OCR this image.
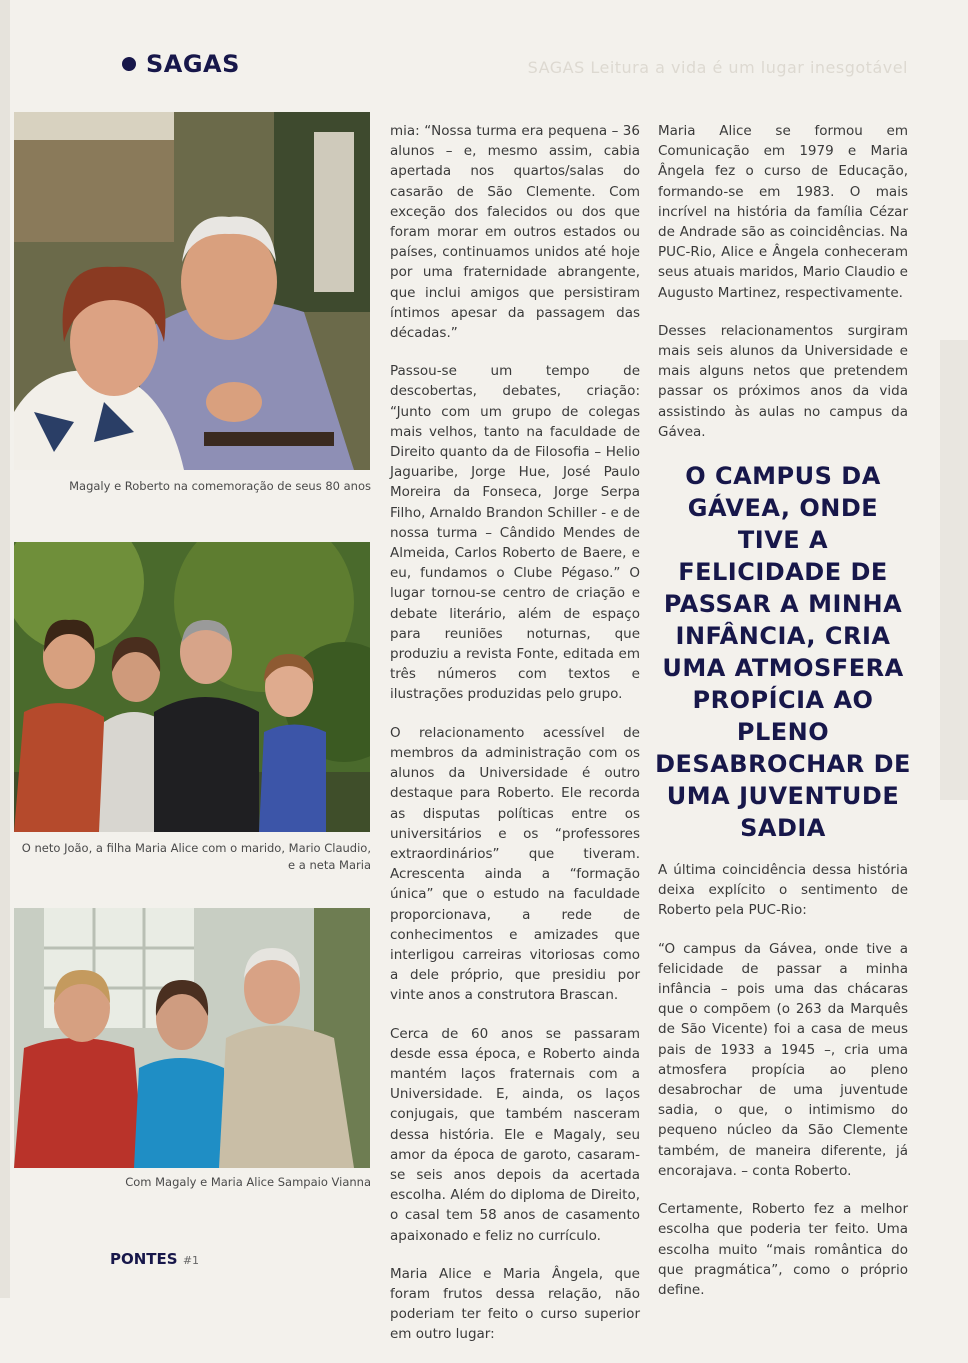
SAGAS Leitura a vida é um lugar inesgotável
SAGAS
Magaly e Roberto na comemoração de seus 80 anos
O neto João, a filha Maria Alice com o marido, Mario Claudio, e a neta Maria
Com Magaly e Maria Alice Sampaio Vianna

mia: “Nossa turma era pequena – 36 alunos – e, mesmo assim, cabia apertada nos quartos/salas do casarão de São Clemente. Com exceção dos falecidos ou dos que foram morar em outros estados ou países, continuamos unidos até hoje por uma fraternidade abrangente, que inclui amigos que persistiram íntimos apesar da passagem das décadas.”

Passou-se um tempo de descobertas, debates, criação: “Junto com um grupo de colegas mais velhos, tanto na faculdade de Direito quanto da de Filosofia – Helio Jaguaribe, Jorge Hue, José Paulo Moreira da Fonseca, Jorge Serpa Filho, Arnaldo Brandon Schiller - e de nossa turma – Cândido Mendes de Almeida, Carlos Roberto de Baere, e eu, fundamos o Clube Pégaso.” O lugar tornou-se centro de criação e debate literário, além de espaço para reuniões noturnas, que produziu a revista Fonte, editada em três números com textos e ilustrações produzidas pelo grupo.

O relacionamento acessível de membros da administração com os alunos da Universidade é outro destaque para Roberto. Ele recorda as disputas políticas entre os universitários e os “professores extraordinários” que tiveram. Acrescenta ainda a “formação única” que o estudo na faculdade proporcionava, a rede de conhecimentos e amizades que interligou carreiras vitoriosas como a dele próprio, que presidiu por vinte anos a construtora Brascan.

Cerca de 60 anos se passaram desde essa época, e Roberto ainda mantém laços fraternais com a Universidade. E, ainda, os laços conjugais, que também nasceram dessa história. Ele e Magaly, seu amor da época de garoto, casaram-se seis anos depois da acertada escolha. Além do diploma de Direito, o casal tem 58 anos de casamento apaixonado e feliz no currículo.

Maria Alice e Maria Ângela, que foram frutos dessa relação, não poderiam ter feito o curso superior em outro lugar:

Maria Alice se formou em Comunicação em 1979 e Maria Ângela fez o curso de Educação, formando-se em 1983. O mais incrível na história da família Cézar de Andrade são as coincidências. Na PUC-Rio, Alice e Ângela conheceram seus atuais maridos, Mario Claudio e Augusto Martinez, respectivamente.

Desses relacionamentos surgiram mais seis alunos da Universidade e mais alguns netos que pretendem passar os próximos anos da vida assistindo às aulas no campus da Gávea.

O CAMPUS DA GÁVEA, ONDE TIVE A FELICIDADE DE PASSAR A MINHA INFÂNCIA, CRIA UMA ATMOSFERA PROPÍCIA AO PLENO DESABROCHAR DE UMA JUVENTUDE SADIA

A última coincidência dessa história deixa explícito o sentimento de Roberto pela PUC-Rio:

“O campus da Gávea, onde tive a felicidade de passar a minha infância – pois uma das chácaras que o compõem (o 263 da Marquês de São Vicente) foi a casa de meus pais de 1933 a 1945 –, cria uma atmosfera propícia ao pleno desabrochar de uma juventude sadia, o que, o intimismo do pequeno núcleo da São Clemente também, de maneira diferente, já encorajava. – conta Roberto.

Certamente, Roberto fez a melhor escolha que poderia ter feito. Uma escolha muito “mais romântica do que pragmática”, como o próprio define.

PONTES #1
